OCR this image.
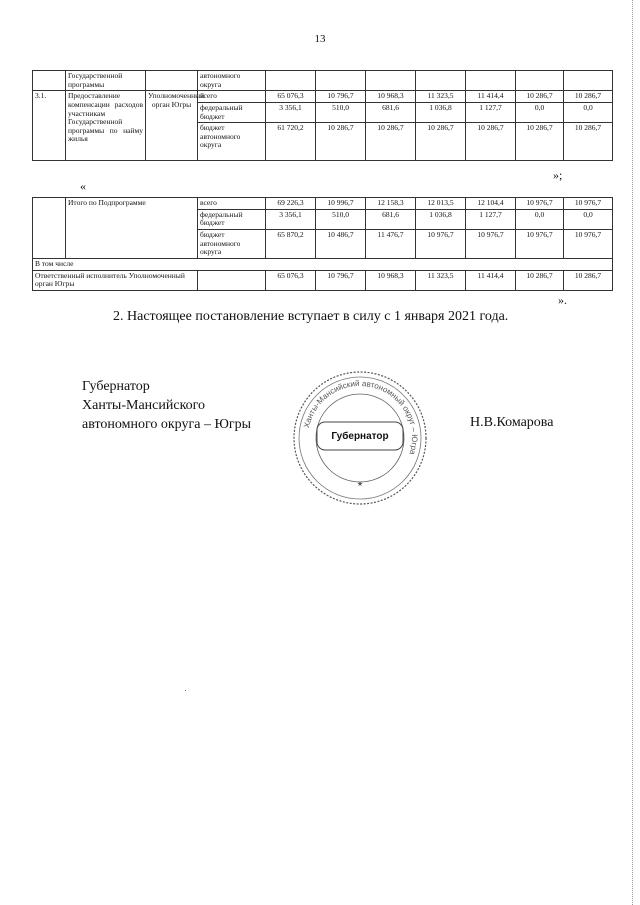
13
	Государственной программы		автономного округа							
3.1.	Предоставление компенсации расходов участникам Государственной программы по найму жилья	Уполномоченный орган Югры	всего	65 076,3	10 796,7	10 968,3	11 323,5	11 414,4	10 286,7	10 286,7
			федеральный бюджет	3 356,1	510,0	681,6	1 036,8	1 127,7	0,0	0,0
			бюджет автономного округа	61 720,2	10 286,7	10 286,7	10 286,7	10 286,7	10 286,7	10 286,7
»;
«
	Итого по Подпрограмме	всего	69 226,3	10 996,7	12 158,3	12 013,5	12 104,4	10 976,7	10 976,7
		федеральный бюджет	3 356,1	510,0	681,6	1 036,8	1 127,7	0,0	0,0
		бюджет автономного округа	65 870,2	10 486,7	11 476,7	10 976,7	10 976,7	10 976,7	10 976,7
В том числе									
Ответственный исполнитель Уполномоченный орган Югры			65 076,3	10 796,7	10 968,3	11 323,5	11 414,4	10 286,7	10 286,7
».
2. Настоящее постановление вступает в силу с 1 января 2021 года.
Губернатор
Ханты-Мансийского
автономного округа – Югры	Ханты-Мансийский автономный округ – Югра
★
Губернатор
Н.В.Комарова
